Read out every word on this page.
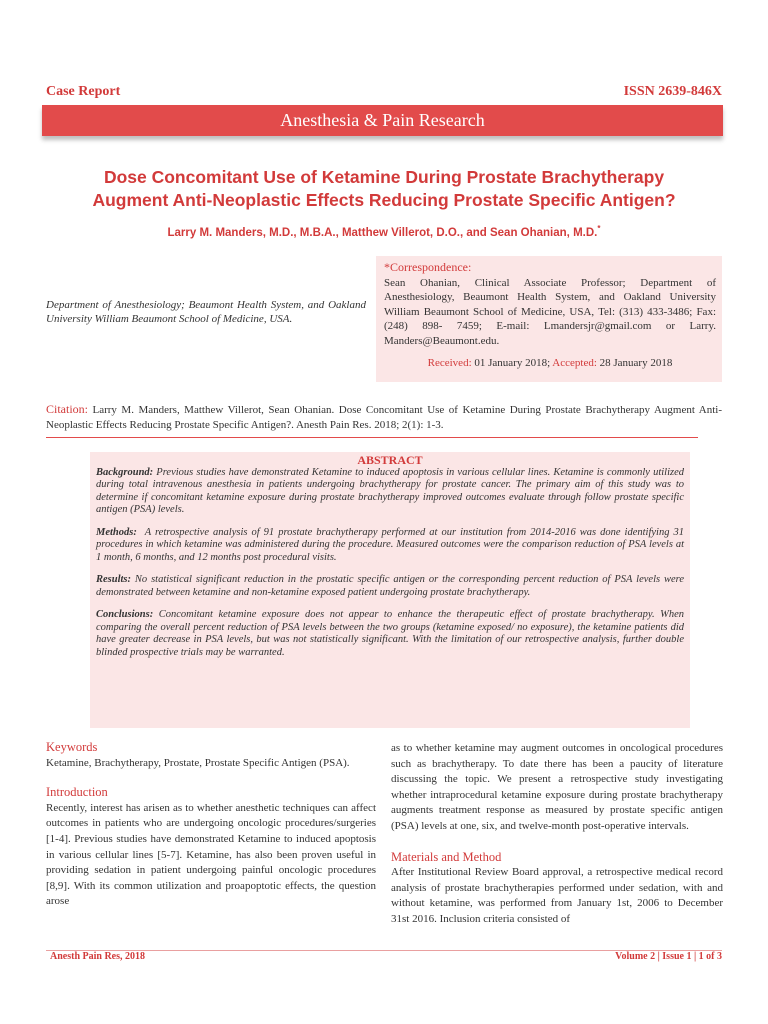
Case Report	ISSN 2639-846X
Anesthesia & Pain Research
Dose Concomitant Use of Ketamine During Prostate Brachytherapy
Augment Anti-Neoplastic Effects Reducing Prostate Specific Antigen?
Larry M. Manders, M.D., M.B.A., Matthew Villerot, D.O., and Sean Ohanian, M.D.*
Department of Anesthesiology; Beaumont Health System, and Oakland University William Beaumont School of Medicine, USA.
*Correspondence:
Sean Ohanian, Clinical Associate Professor; Department of Anesthesiology, Beaumont Health System, and Oakland University William Beaumont School of Medicine, USA, Tel: (313) 433-3486; Fax: (248) 898- 7459; E-mail: Lmandersjr@gmail.com or Larry. Manders@Beaumont.edu.
Received: 01 January 2018; Accepted: 28 January 2018
Citation: Larry M. Manders, Matthew Villerot, Sean Ohanian. Dose Concomitant Use of Ketamine During Prostate Brachytherapy Augment Anti-Neoplastic Effects Reducing Prostate Specific Antigen?. Anesth Pain Res. 2018; 2(1): 1-3.
ABSTRACT

Background: Previous studies have demonstrated Ketamine to induced apoptosis in various cellular lines. Ketamine is commonly utilized during total intravenous anesthesia in patients undergoing brachytherapy for prostate cancer. The primary aim of this study was to determine if concomitant ketamine exposure during prostate brachytherapy improved outcomes evaluate through follow prostate specific antigen (PSA) levels.

Methods: A retrospective analysis of 91 prostate brachytherapy performed at our institution from 2014-2016 was done identifying 31 procedures in which ketamine was administered during the procedure. Measured outcomes were the comparison reduction of PSA levels at 1 month, 6 months, and 12 months post procedural visits.

Results: No statistical significant reduction in the prostatic specific antigen or the corresponding percent reduction of PSA levels were demonstrated between ketamine and non-ketamine exposed patient undergoing prostate brachytherapy.

Conclusions: Concomitant ketamine exposure does not appear to enhance the therapeutic effect of prostate brachytherapy. When comparing the overall percent reduction of PSA levels between the two groups (ketamine exposed/ no exposure), the ketamine patients did have greater decrease in PSA levels, but was not statistically significant. With the limitation of our retrospective analysis, further double blinded prospective trials may be warranted.

Keywords

Ketamine, Brachytherapy, Prostate, Prostate Specific Antigen (PSA).

Introduction

Recently, interest has arisen as to whether anesthetic techniques can affect outcomes in patients who are undergoing oncologic procedures/surgeries [1-4]. Previous studies have demonstrated Ketamine to induced apoptosis in various cellular lines [5-7]. Ketamine, has also been proven useful in providing sedation in patient undergoing painful oncologic procedures [8,9]. With its common utilization and proapoptotic effects, the question arose

as to whether ketamine may augment outcomes in oncological procedures such as brachytherapy. To date there has been a paucity of literature discussing the topic. We present a retrospective study investigating whether intraprocedural ketamine exposure during prostate brachytherapy augments treatment response as measured by prostate specific antigen (PSA) levels at one, six, and twelve-month post-operative intervals.

Materials and Method

After Institutional Review Board approval, a retrospective medical record analysis of prostate brachytherapies performed under sedation, with and without ketamine, was performed from January 1st, 2006 to December 31st 2016. Inclusion criteria consisted of

Anesth Pain Res, 2018	Volume 2 | Issue 1 | 1 of 3
